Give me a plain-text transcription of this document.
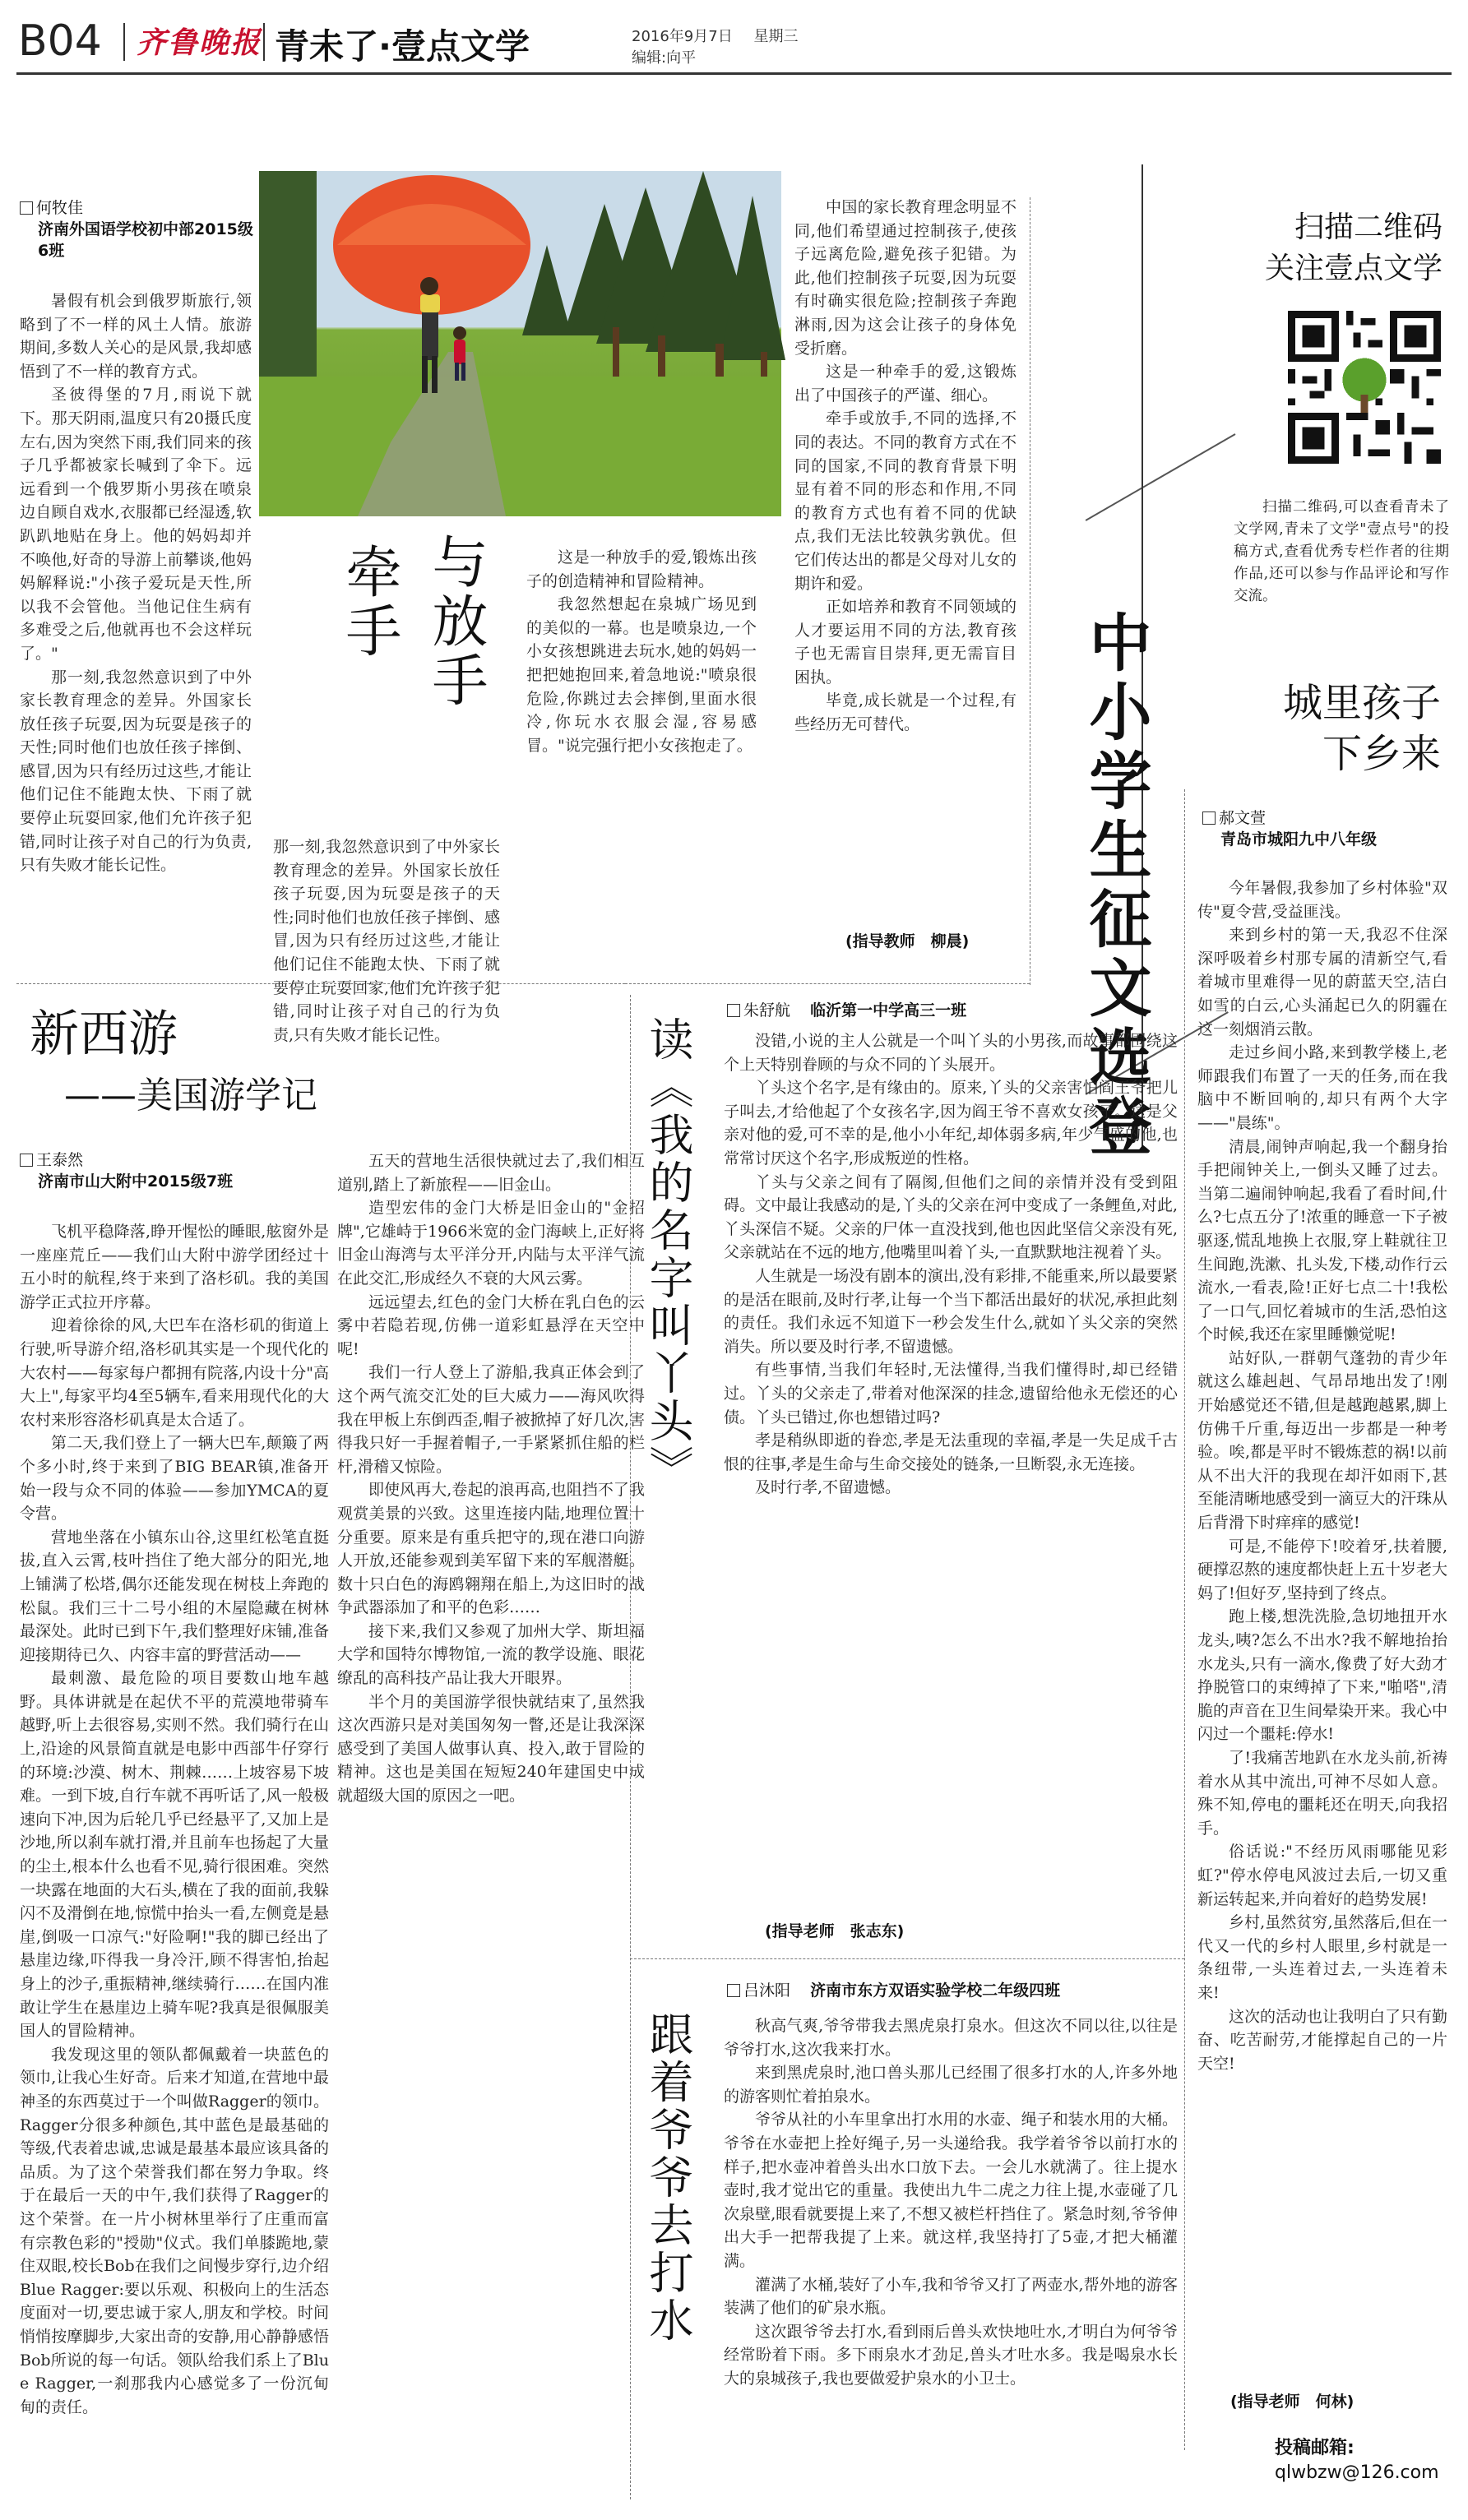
B04 齐鲁晚报 青未了·壹点文学	2016年9月7日 星期三
编辑:向平
何牧佳
济南外国语学校初中部2015级6班

暑假有机会到俄罗斯旅行,领略到了不一样的风土人情。旅游期间,多数人关心的是风景,我却感悟到了不一样的教育方式。

圣彼得堡的7月,雨说下就下。那天阴雨,温度只有20摄氏度左右,因为突然下雨,我们同来的孩子几乎都被家长喊到了伞下。远远看到一个俄罗斯小男孩在喷泉边自顾自戏水,衣服都已经湿透,软趴趴地贴在身上。他的妈妈却并不唤他,好奇的导游上前攀谈,他妈妈解释说:"小孩子爱玩是天性,所以我不会管他。当他记住生病有多难受之后,他就再也不会这样玩了。"

那一刻,我忽然意识到了中外家长教育理念的差异。外国家长放任孩子玩耍,因为玩耍是孩子的天性;同时他们也放任孩子摔倒、感冒,因为只有经历过这些,才能让他们记住不能跑太快、下雨了就要停止玩耍回家,他们允许孩子犯错,同时让孩子对自己的行为负责,只有失败才能长记性。

与放手
牵手

那一刻,我忽然意识到了中外家长教育理念的差异。外国家长放任孩子玩耍,因为玩耍是孩子的天性;同时他们也放任孩子摔倒、感冒,因为只有经历过这些,才能让他们记住不能跑太快、下雨了就要停止玩耍回家,他们允许孩子犯错,同时让孩子对自己的行为负责,只有失败才能长记性。

这是一种放手的爱,锻炼出孩子的创造精神和冒险精神。

我忽然想起在泉城广场见到的美似的一幕。也是喷泉边,一个小女孩想跳进去玩水,她的妈妈一把把她抱回来,着急地说:"喷泉很危险,你跳过去会摔倒,里面水很冷,你玩水衣服会湿,容易感冒。"说完强行把小女孩抱走了。

中国的家长教育理念明显不同,他们希望通过控制孩子,使孩子远离危险,避免孩子犯错。为此,他们控制孩子玩耍,因为玩耍有时确实很危险;控制孩子奔跑淋雨,因为这会让孩子的身体免受折磨。

这是一种牵手的爱,这锻炼出了中国孩子的严谨、细心。

牵手或放手,不同的选择,不同的表达。不同的教育方式在不同的国家,不同的教育背景下明显有着不同的形态和作用,不同的教育方式也有着不同的优缺点,我们无法比较孰劣孰优。但它们传达出的都是父母对儿女的期许和爱。

正如培养和教育不同领域的人才要运用不同的方法,教育孩子也无需盲目崇拜,更无需盲目困执。

毕竟,成长就是一个过程,有些经历无可替代。

(指导教师　柳晨)
扫描二维码
关注壹点文学
扫描二维码,可以查看青未了文学网,青未了文学"壹点号"的投稿方式,查看优秀专栏作者的往期作品,还可以参与作品评论和写作交流。
中小学生征文选登	城里孩子
下乡来
郝文萱
青岛市城阳九中八年级

今年暑假,我参加了乡村体验"双传"夏令营,受益匪浅。

来到乡村的第一天,我忍不住深深呼吸着乡村那专属的清新空气,看着城市里难得一见的蔚蓝天空,洁白如雪的白云,心头涌起已久的阴霾在这一刻烟消云散。

走过乡间小路,来到教学楼上,老师跟我们布置了一天的任务,而在我脑中不断回响的,却只有两个大字——"晨练"。

清晨,闹钟声响起,我一个翻身抬手把闹钟关上,一倒头又睡了过去。当第二遍闹钟响起,我看了看时间,什么?七点五分了!浓重的睡意一下子被驱逐,慌乱地换上衣服,穿上鞋就往卫生间跑,洗漱、扎头发,下楼,动作行云流水,一看表,险!正好七点二十!我松了一口气,回忆着城市的生活,恐怕这个时候,我还在家里睡懒觉呢!

站好队,一群朝气蓬勃的青少年就这么雄赳赳、气昂昂地出发了!刚开始感觉还不错,但是越跑越累,脚上仿佛千斤重,每迈出一步都是一种考验。唉,都是平时不锻炼惹的祸!以前从不出大汗的我现在却汗如雨下,甚至能清晰地感受到一滴豆大的汗珠从后背滑下时痒痒的感觉!

可是,不能停下!咬着牙,扶着腰,硬撑忍熬的速度都快赶上五十岁老大妈了!但好歹,坚持到了终点。

跑上楼,想洗洗脸,急切地扭开水龙头,咦?怎么不出水?我不解地抬抬水龙头,只有一滴水,像费了好大劲才挣脱管口的束缚掉了下来,"啪嗒",清脆的声音在卫生间晕染开来。我心中闪过一个噩耗:停水!

了!我痛苦地趴在水龙头前,祈祷着水从其中流出,可神不尽如人意。殊不知,停电的噩耗还在明天,向我招手。

俗话说:"不经历风雨哪能见彩虹?"停水停电风波过去后,一切又重新运转起来,并向着好的趋势发展!

乡村,虽然贫穷,虽然落后,但在一代又一代的乡村人眼里,乡村就是一条纽带,一头连着过去,一头连着未来!

这次的活动也让我明白了只有勤奋、吃苦耐劳,才能撑起自己的一片天空!

(指导老师　何林)
投稿邮箱:
qlwbzw@126.com
新西游
——美国游学记
王泰然
济南市山大附中2015级7班

飞机平稳降落,睁开惺忪的睡眼,舷窗外是一座座荒丘——我们山大附中游学团经过十五小时的航程,终于来到了洛杉矶。我的美国游学正式拉开序幕。

迎着徐徐的风,大巴车在洛杉矶的街道上行驶,听导游介绍,洛杉矶其实是一个现代化的大农村——每家每户都拥有院落,内设十分"高大上",每家平均4至5辆车,看来用现代化的大农村来形容洛杉矶真是太合适了。

第二天,我们登上了一辆大巴车,颠簸了两个多小时,终于来到了BIG BEAR镇,准备开始一段与众不同的体验——参加YMCA的夏令营。

营地坐落在小镇东山谷,这里红松笔直挺拔,直入云霄,枝叶挡住了绝大部分的阳光,地上铺满了松塔,偶尔还能发现在树枝上奔跑的松鼠。我们三十二号小组的木屋隐藏在树林最深处。此时已到下午,我们整理好床铺,准备迎接期待已久、内容丰富的野营活动——

最刺激、最危险的项目要数山地车越野。具体讲就是在起伏不平的荒漠地带骑车越野,听上去很容易,实则不然。我们骑行在山上,沿途的风景简直就是电影中西部牛仔穿行的环境:沙漠、树木、荆棘……上坡容易下坡难。一到下坡,自行车就不再听话了,风一般极速向下冲,因为后轮几乎已经悬平了,又加上是沙地,所以刹车就打滑,并且前车也扬起了大量的尘土,根本什么也看不见,骑行很困难。突然一块露在地面的大石头,横在了我的面前,我躲闪不及滑倒在地,惊慌中抬头一看,左侧竟是悬崖,倒吸一口凉气:"好险啊!"我的脚已经出了悬崖边缘,吓得我一身冷汗,顾不得害怕,抬起身上的沙子,重振精神,继续骑行……在国内准敢让学生在悬崖边上骑车呢?我真是很佩服美国人的冒险精神。

我发现这里的领队都佩戴着一块蓝色的领巾,让我心生好奇。后来才知道,在营地中最神圣的东西莫过于一个叫做Ragger的领巾。Ragger分很多种颜色,其中蓝色是最基础的等级,代表着忠诚,忠诚是最基本最应该具备的品质。为了这个荣誉我们都在努力争取。终于在最后一天的中午,我们获得了Ragger的这个荣誉。在一片小树林里举行了庄重而富有宗教色彩的"授勋"仪式。我们单膝跪地,蒙住双眼,校长Bob在我们之间慢步穿行,边介绍Blue Ragger:要以乐观、积极向上的生活态度面对一切,要忠诚于家人,朋友和学校。时间悄悄按摩脚步,大家出奇的安静,用心静静感悟Bob所说的每一句话。领队给我们系上了Blue Ragger,一刹那我内心感觉多了一份沉甸甸的责任。

五天的营地生活很快就过去了,我们相互道别,踏上了新旅程——旧金山。

造型宏伟的金门大桥是旧金山的"金招牌",它雄峙于1966米宽的金门海峡上,正好将旧金山海湾与太平洋分开,内陆与太平洋气流在此交汇,形成经久不衰的大风云雾。

远远望去,红色的金门大桥在乳白色的云雾中若隐若现,仿佛一道彩虹悬浮在天空中呢!

我们一行人登上了游船,我真正体会到了这个两气流交汇处的巨大威力——海风吹得我在甲板上东倒西歪,帽子被掀掉了好几次,害得我只好一手握着帽子,一手紧紧抓住船的栏杆,滑稽又惊险。

即使风再大,卷起的浪再高,也阻挡不了我观赏美景的兴致。这里连接内陆,地理位置十分重要。原来是有重兵把守的,现在港口向游人开放,还能参观到美军留下来的军舰潜艇。数十只白色的海鸥翱翔在船上,为这旧时的战争武器添加了和平的色彩……

接下来,我们又参观了加州大学、斯坦福大学和国特尔博物馆,一流的教学设施、眼花缭乱的高科技产品让我大开眼界。

半个月的美国游学很快就结束了,虽然我这次西游只是对美国匆匆一瞥,还是让我深深感受到了美国人做事认真、投入,敢于冒险的精神。这也是美国在短短240年建国史中成就超级大国的原因之一吧。

读《我的名字叫丫头》
朱舒航 临沂第一中学高三一班

没错,小说的主人公就是一个叫丫头的小男孩,而故事都围绕这个上天特别眷顾的与众不同的丫头展开。

丫头这个名字,是有缘由的。原来,丫头的父亲害怕阎王爷把儿子叫去,才给他起了个女孩名字,因为阎王爷不喜欢女孩子。这是父亲对他的爱,可不幸的是,他小小年纪,却体弱多病,年少气盛的他,也常常讨厌这个名字,形成叛逆的性格。

丫头与父亲之间有了隔阂,但他们之间的亲情并没有受到阻碍。文中最让我感动的是,丫头的父亲在河中变成了一条鲤鱼,对此,丫头深信不疑。父亲的尸体一直没找到,他也因此坚信父亲没有死,父亲就站在不远的地方,他嘴里叫着丫头,一直默默地注视着丫头。

人生就是一场没有剧本的演出,没有彩排,不能重来,所以最要紧的是活在眼前,及时行孝,让每一个当下都活出最好的状况,承担此刻的责任。我们永远不知道下一秒会发生什么,就如丫头父亲的突然消失。所以要及时行孝,不留遗憾。

有些事情,当我们年轻时,无法懂得,当我们懂得时,却已经错过。丫头的父亲走了,带着对他深深的挂念,遗留给他永无偿还的心债。丫头已错过,你也想错过吗?

孝是稍纵即逝的眷恋,孝是无法重现的幸福,孝是一失足成千古恨的往事,孝是生命与生命交接处的链条,一旦断裂,永无连接。

及时行孝,不留遗憾。

(指导老师　张志东)
跟着爷爷去打水
吕沐阳 济南市东方双语实验学校二年级四班

秋高气爽,爷爷带我去黑虎泉打泉水。但这次不同以往,以往是爷爷打水,这次我来打水。

来到黑虎泉时,池口兽头那儿已经围了很多打水的人,许多外地的游客则忙着拍泉水。

爷爷从社的小车里拿出打水用的水壶、绳子和装水用的大桶。爷爷在水壶把上拴好绳子,另一头递给我。我学着爷爷以前打水的样子,把水壶冲着兽头出水口放下去。一会儿水就满了。往上提水壶时,我才觉出它的重量。我使出九牛二虎之力往上提,水壶碰了几次泉壁,眼看就要提上来了,不想又被栏杆挡住了。紧急时刻,爷爷伸出大手一把帮我提了上来。就这样,我坚持打了5壶,才把大桶灌满。

灌满了水桶,装好了小车,我和爷爷又打了两壶水,帮外地的游客装满了他们的矿泉水瓶。

这次跟爷爷去打水,看到雨后兽头欢快地吐水,才明白为何爷爷经常盼着下雨。多下雨泉水才劲足,兽头才吐水多。我是喝泉水长大的泉城孩子,我也要做爱护泉水的小卫士。
